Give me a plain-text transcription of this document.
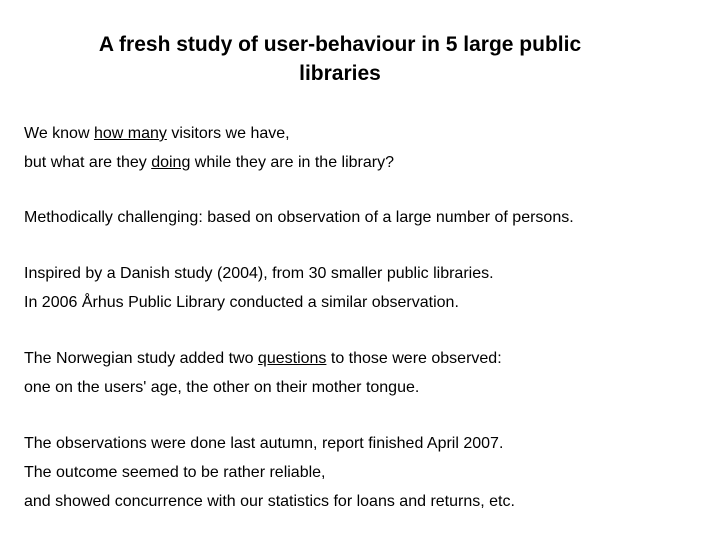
A fresh study of user-behaviour in 5 large public
libraries

We know how many visitors we have,

but what are they doing while they are in the library?

Methodically challenging: based on observation of a large number of persons.

Inspired by a Danish study (2004), from 30 smaller public libraries.

In 2006 Århus Public Library conducted a similar observation.

The Norwegian study added two questions to those were observed:

one on the users' age, the other on their mother tongue.

The observations were done last autumn, report finished April 2007.

The outcome seemed to be rather reliable,

and showed concurrence with our statistics for loans and returns, etc.
